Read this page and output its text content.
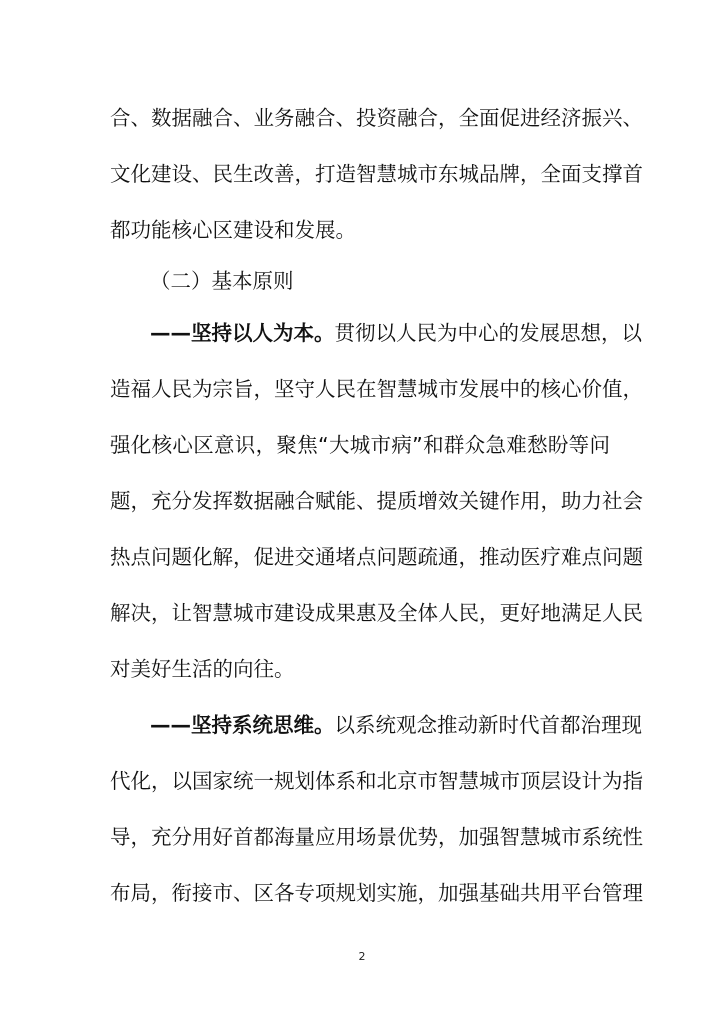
合、数据融合、业务融合、投资融合，全面促进经济振兴、
文化建设、民生改善，打造智慧城市东城品牌，全面支撑首
都功能核心区建设和发展。
（二）基本原则
——坚持以人为本。贯彻以人民为中心的发展思想，以
造福人民为宗旨，坚守人民在智慧城市发展中的核心价值，
强化核心区意识，聚焦“大城市病”和群众急难愁盼等问
题，充分发挥数据融合赋能、提质增效关键作用，助力社会
热点问题化解，促进交通堵点问题疏通，推动医疗难点问题
解决，让智慧城市建设成果惠及全体人民，更好地满足人民
对美好生活的向往。
——坚持系统思维。以系统观念推动新时代首都治理现
代化，以国家统一规划体系和北京市智慧城市顶层设计为指
导，充分用好首都海量应用场景优势，加强智慧城市系统性
布局，衔接市、区各专项规划实施，加强基础共用平台管理
2
